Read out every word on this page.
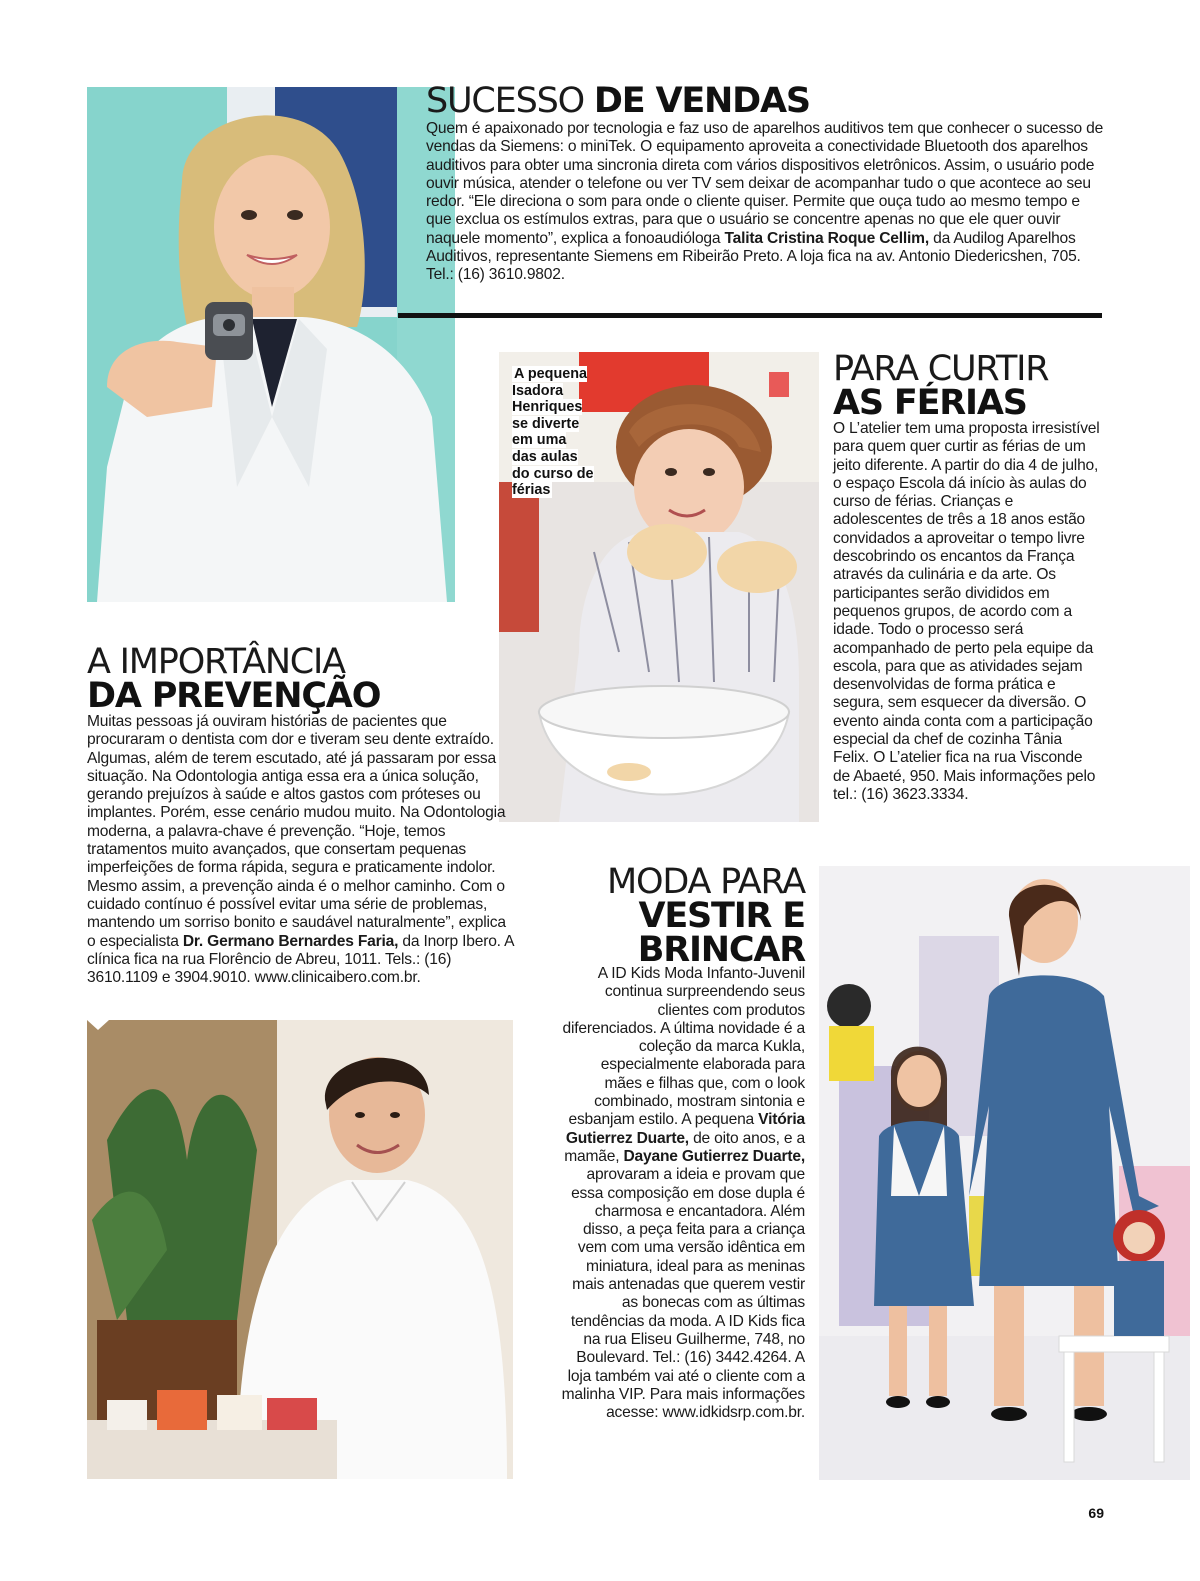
SUCESSO DE VENDAS

Quem é apaixonado por tecnologia e faz uso de aparelhos auditivos tem que conhecer o sucesso de vendas da Siemens: o miniTek. O equipamento aproveita a conectividade Bluetooth dos aparelhos auditivos para obter uma sincronia direta com vários dispositivos eletrônicos. Assim, o usuário pode ouvir música, atender o telefone ou ver TV sem deixar de acompanhar tudo o que acontece ao seu redor. “Ele direciona o som para onde o cliente quiser. Permite que ouça tudo ao mesmo tempo e que exclua os estímulos extras, para que o usuário se concentre apenas no que ele quer ouvir naquele momento”, explica a fonoaudióloga Talita Cristina Roque Cellim, da Audilog Aparelhos Auditivos, representante Siemens em Ribeirão Preto. A loja fica na av. Antonio Diedericshen, 705. Tel.: (16) 3610.9802.

A pequena Isadora Henriques se diverte em uma das aulas do curso de férias
PARA CURTIR
AS FÉRIAS

O L’atelier tem uma proposta irresistível para quem quer curtir as férias de um jeito diferente. A partir do dia 4 de julho, o espaço Escola dá início às aulas do curso de férias. Crianças e adolescentes de três a 18 anos estão convidados a aproveitar o tempo livre descobrindo os encantos da França através da culinária e da arte. Os participantes serão divididos em pequenos grupos, de acordo com a idade. Todo o processo será acompanhado de perto pela equipe da escola, para que as atividades sejam desenvolvidas de forma prática e segura, sem esquecer da diversão. O evento ainda conta com a participação especial da chef de cozinha Tânia Felix. O L’atelier fica na rua Visconde de Abaeté, 950. Mais informações pelo tel.: (16) 3623.3334.

A IMPORTÂNCIA
DA PREVENÇÃO

Muitas pessoas já ouviram histórias de pacientes que procuraram o dentista com dor e tiveram seu dente extraído. Algumas, além de terem escutado, até já passaram por essa situação. Na Odontologia antiga essa era a única solução, gerando prejuízos à saúde e altos gastos com próteses ou implantes. Porém, esse cenário mudou muito. Na Odontologia moderna, a palavra-chave é prevenção. “Hoje, temos tratamentos muito avançados, que consertam pequenas imperfeições de forma rápida, segura e praticamente indolor. Mesmo assim, a prevenção ainda é o melhor caminho. Com o cuidado contínuo é possível evitar uma série de problemas, mantendo um sorriso bonito e saudável naturalmente”, explica o especialista Dr. Germano Bernardes Faria, da Inorp Ibero. A clínica fica na rua Florêncio de Abreu, 1011. Tels.: (16) 3610.1109 e 3904.9010. www.clinicaibero.com.br.

MODA PARA
VESTIR E
BRINCAR

A ID Kids Moda Infanto-Juvenil continua surpreendendo seus clientes com produtos diferenciados. A última novidade é a coleção da marca Kukla, especialmente elaborada para mães e filhas que, com o look combinado, mostram sintonia e esbanjam estilo. A pequena Vitória Gutierrez Duarte, de oito anos, e a mamãe, Dayane Gutierrez Duarte, aprovaram a ideia e provam que essa composição em dose dupla é charmosa e encantadora. Além disso, a peça feita para a criança vem com uma versão idêntica em miniatura, ideal para as meninas mais antenadas que querem vestir as bonecas com as últimas tendências da moda. A ID Kids fica na rua Eliseu Guilherme, 748, no Boulevard. Tel.: (16) 3442.4264. A loja também vai até o cliente com a malinha VIP. Para mais informações acesse: www.idkidsrp.com.br.

69
